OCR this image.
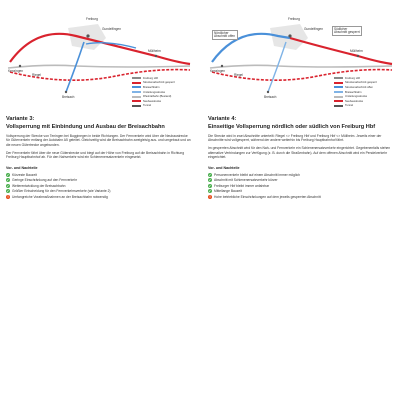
Freiburg
Müllheim
Gundelfingen
Kenzingen
Riegel
Breisach
Freiburg Hbf
Streckenabschnitt gesperrt
Breisachbahn
Umleitungsstrecke
Rheintalbahn (Bestand)
Neubaustrecke
Tunnel
Variante 3:
Vollsperrung mit Einbindung und Ausbau der Breisachbahn
Vollsperrung der Strecke von Teningen bei Bugginegen in beide Richtungen. Der Fernverkehr wird über die Neubaustrecke für Güterverkehr entlang der Autobahn A5 geleitet. Gleichzeitig wird die Breisachbahn zweigleisig aus- und umgebaut und an die neuen Gütertrecke angebunden.
Der Fernverkehr fährt über die neue Güterstrecke und biegt auf der Höhe von Freiburg auf die Breisachbahn in Richtung Freiburg Hauptbahnhof ab. Für den Nahverkehr wird ein Schienenersatzverkehr eingesetzt.
Vor- und Nachteile
✓ Kürzeste Bauzeit
✓ Geringe Einschränkung auf den Fernverkehr
✓ Weiterentwicklung der Breisachbahn
✓ Größter Entscheidung für den Fernverkehrsverkehr (wie Variante 2)
!	Umfangreiche Vorabmaßnahmen an der Breisachbahn notwendig
Nördlicher Abschnitt offen
Südlicher Abschnitt gesperrt
Freiburg
Müllheim
Gundelfingen
Kenzingen
Riegel
Breisach
Freiburg Hbf
Streckenabschnitt gesperrt
Streckenabschnitt offen
Breisachbahn
Umleitungsstrecke
Neubaustrecke
Tunnel
Variante 4:
Einseitige Vollsperrung nördlich oder südlich von Freiburg Hbf
Die Strecke wird in zwei Abschnitte unterteilt: Riegel <> Freiburg Hbf und Freiburg Hbf <> Müllheim. Jeweils einer der Abschnitte wird vollgesperrt, während der andere weiterhin bis Freiburg Hauptbahnhof fährt.
Im gesperrten Abschnitt wird für den Nah- und Fernverkehr ein Schienenersatzverkehr eingerichtet. Gegebenenfalls stehen alternative Verbindungen zur Verfügung (z. B. durch die Straßenbahn). Auf dem offenen Abschnitt wird ein Pendelverkehr eingerichtet.
Vor- und Nachteile
✓ Personenverkehr bleibt auf einem Abschnitt immer möglich
✓ Abschnitt mit Schienenersatzverkehr kürzer
✓ Freiburger Hbf bleibt immer anfahrbar
✓ Mittellange Bauzeit
!	Hohe betriebliche Einschränkungen auf dem jeweils gesperrten Abschnitt
